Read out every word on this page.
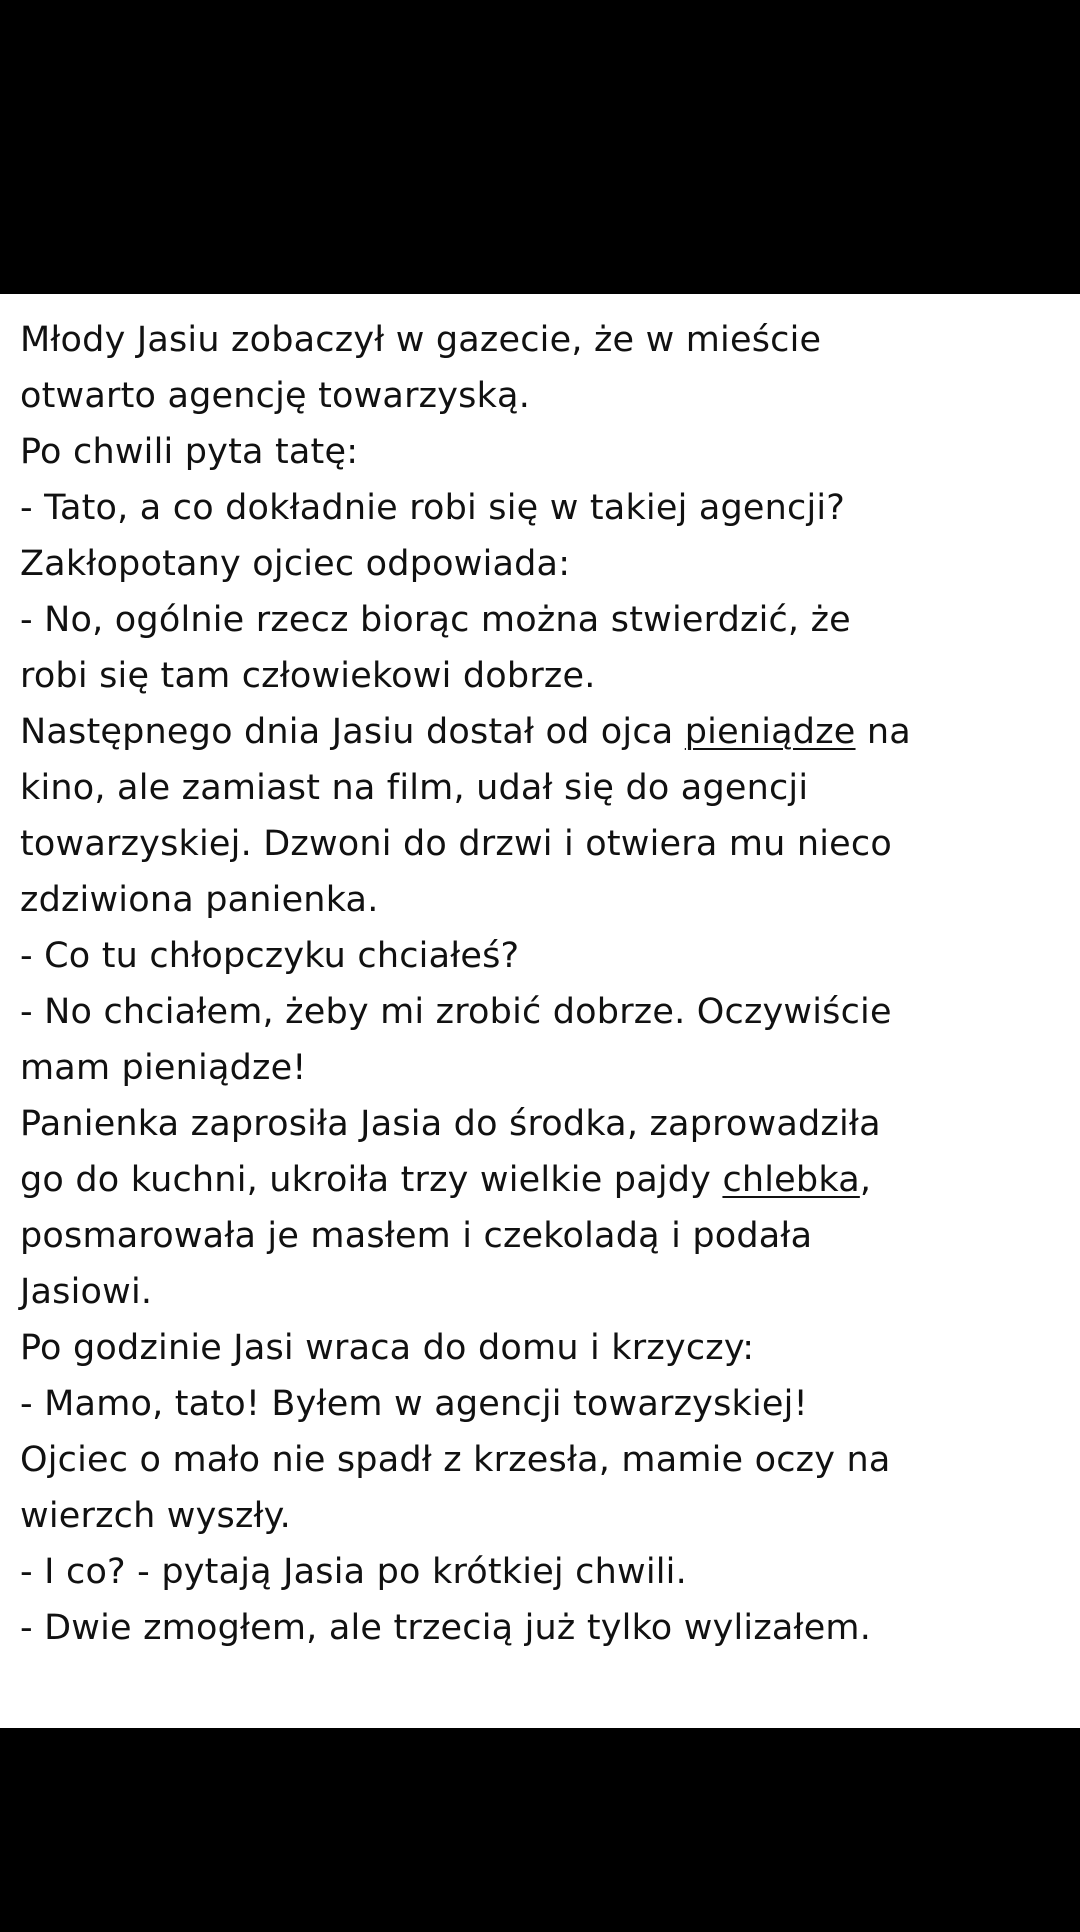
Młody Jasiu zobaczył w gazecie, że w mieście
otwarto agencję towarzyską.
Po chwili pyta tatę:
- Tato, a co dokładnie robi się w takiej agencji?
Zakłopotany ojciec odpowiada:
- No, ogólnie rzecz biorąc można stwierdzić, że
robi się tam człowiekowi dobrze.
Następnego dnia Jasiu dostał od ojca pieniądze na
kino, ale zamiast na film, udał się do agencji
towarzyskiej. Dzwoni do drzwi i otwiera mu nieco
zdziwiona panienka.
- Co tu chłopczyku chciałeś?
- No chciałem, żeby mi zrobić dobrze. Oczywiście
mam pieniądze!
Panienka zaprosiła Jasia do środka, zaprowadziła
go do kuchni, ukroiła trzy wielkie pajdy chlebka,
posmarowała je masłem i czekoladą i podała
Jasiowi.
Po godzinie Jasi wraca do domu i krzyczy:
- Mamo, tato! Byłem w agencji towarzyskiej!
Ojciec o mało nie spadł z krzesła, mamie oczy na
wierzch wyszły.
- I co? - pytają Jasia po krótkiej chwili.
- Dwie zmogłem, ale trzecią już tylko wylizałem.
